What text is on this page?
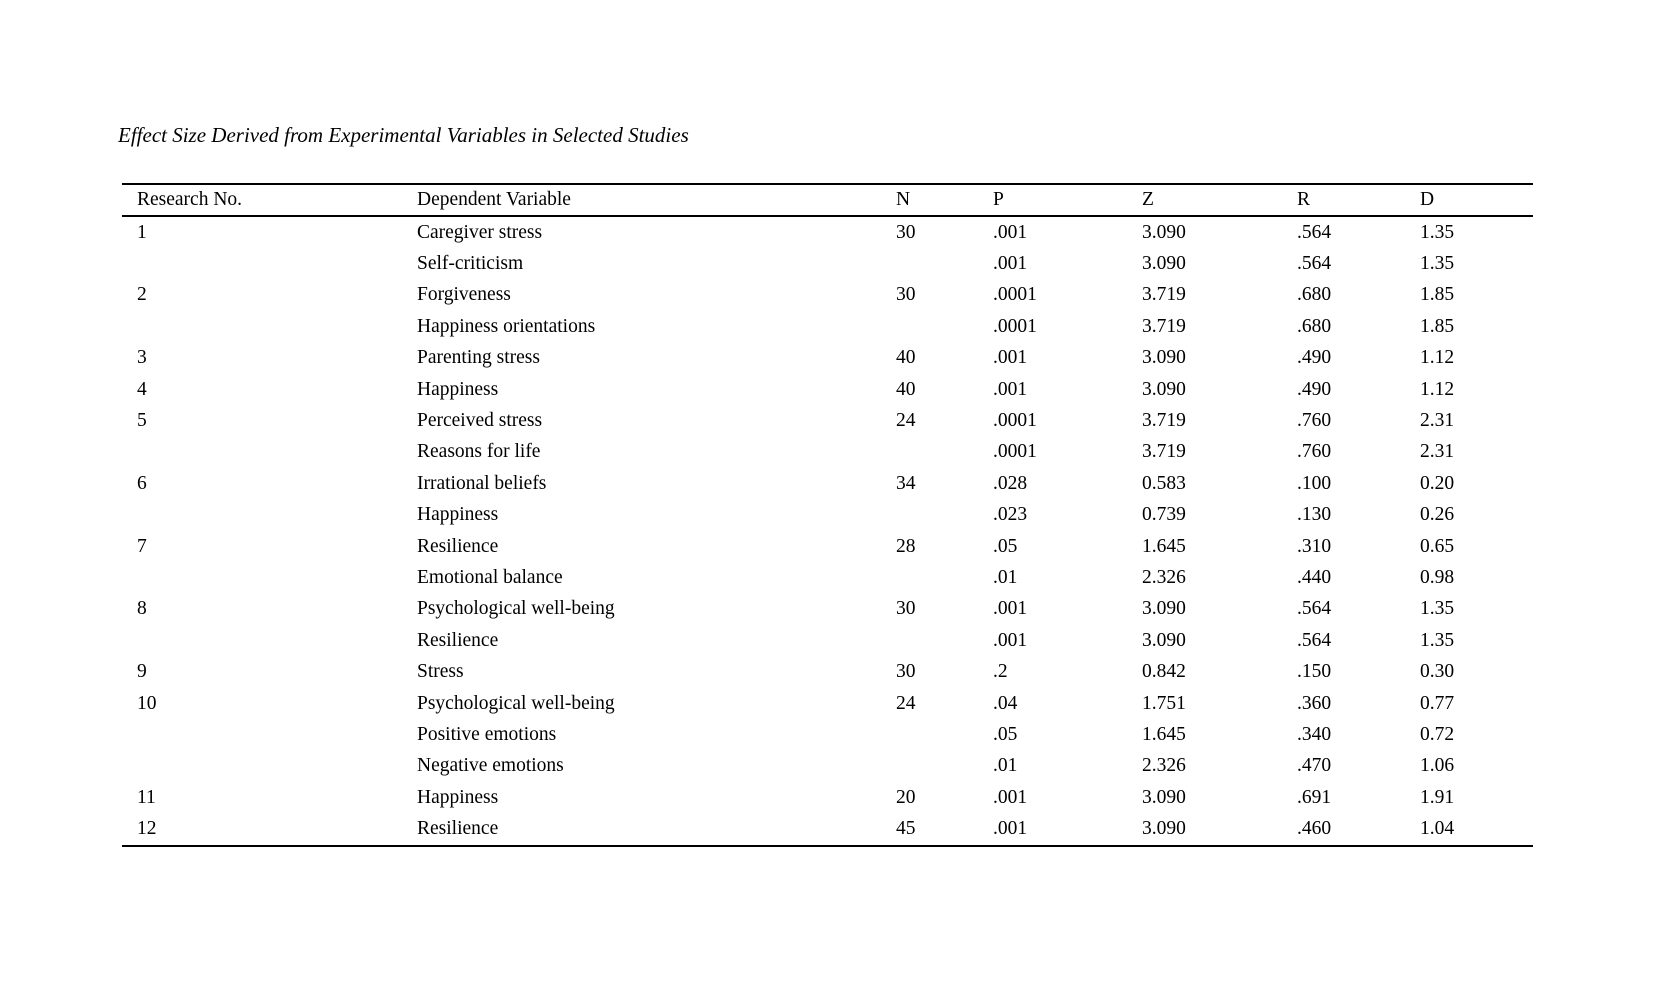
Effect Size Derived from Experimental Variables in Selected Studies
Research No.	Dependent Variable	N	P	Z	R	D
1	Caregiver stress	30	.001	3.090	.564	1.35
	Self-criticism		.001	3.090	.564	1.35
2	Forgiveness	30	.0001	3.719	.680	1.85
	Happiness orientations		.0001	3.719	.680	1.85
3	Parenting stress	40	.001	3.090	.490	1.12
4	Happiness	40	.001	3.090	.490	1.12
5	Perceived stress	24	.0001	3.719	.760	2.31
	Reasons for life		.0001	3.719	.760	2.31
6	Irrational beliefs	34	.028	0.583	.100	0.20
	Happiness		.023	0.739	.130	0.26
7	Resilience	28	.05	1.645	.310	0.65
	Emotional balance		.01	2.326	.440	0.98
8	Psychological well-being	30	.001	3.090	.564	1.35
	Resilience		.001	3.090	.564	1.35
9	Stress	30	.2	0.842	.150	0.30
10	Psychological well-being	24	.04	1.751	.360	0.77
	Positive emotions		.05	1.645	.340	0.72
	Negative emotions		.01	2.326	.470	1.06
11	Happiness	20	.001	3.090	.691	1.91
12	Resilience	45	.001	3.090	.460	1.04
